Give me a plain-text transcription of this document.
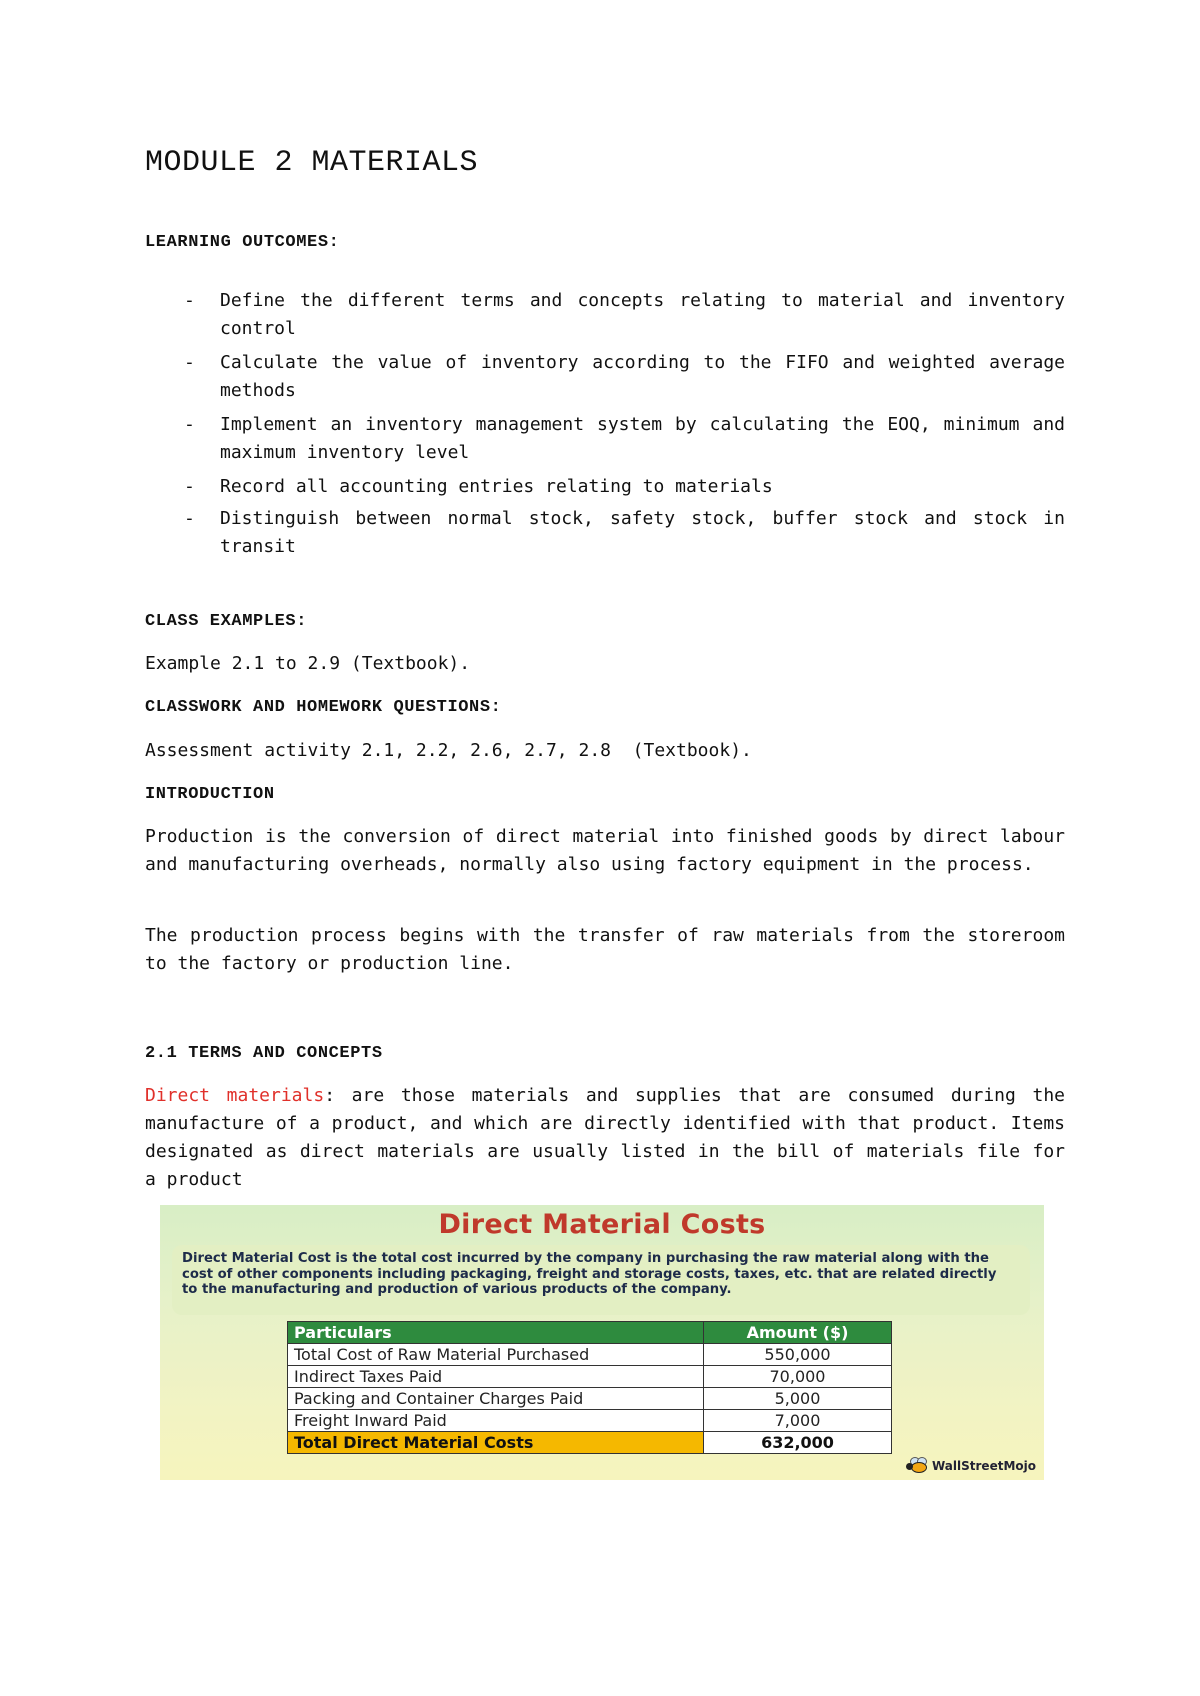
MODULE 2 MATERIALS
LEARNING OUTCOMES:
- Define the different terms and concepts relating to material and inventory control
- Calculate the value of inventory according to the FIFO and weighted average methods
- Implement an inventory management system by calculating the EOQ, minimum and maximum inventory level
- Record all accounting entries relating to materials
- Distinguish between normal stock, safety stock, buffer stock and stock in transit
CLASS EXAMPLES:

Example 2.1 to 2.9 (Textbook).

CLASSWORK AND HOMEWORK QUESTIONS:

Assessment activity 2.1, 2.2, 2.6, 2.7, 2.8  (Textbook).

INTRODUCTION

Production is the conversion of direct material into finished goods by direct labour and manufacturing overheads, normally also using factory equipment in the process.

The production process begins with the transfer of raw materials from the storeroom to the factory or production line.

2.1 TERMS AND CONCEPTS

Direct materials: are those materials and supplies that are consumed during the manufacture of a product, and which are directly identified with that product. Items designated as direct materials are usually listed in the bill of materials file for a product

Direct Material Costs
Direct Material Cost is the total cost incurred by the company in purchasing the raw material along with the cost of other components including packaging, freight and storage costs, taxes, etc. that are related directly to the manufacturing and production of various products of the company.
Particulars	Amount ($)
Total Cost of Raw Material Purchased	550,000
Indirect Taxes Paid	70,000
Packing and Container Charges Paid	5,000
Freight Inward Paid	7,000
Total Direct Material Costs	632,000
WallStreetMojo
